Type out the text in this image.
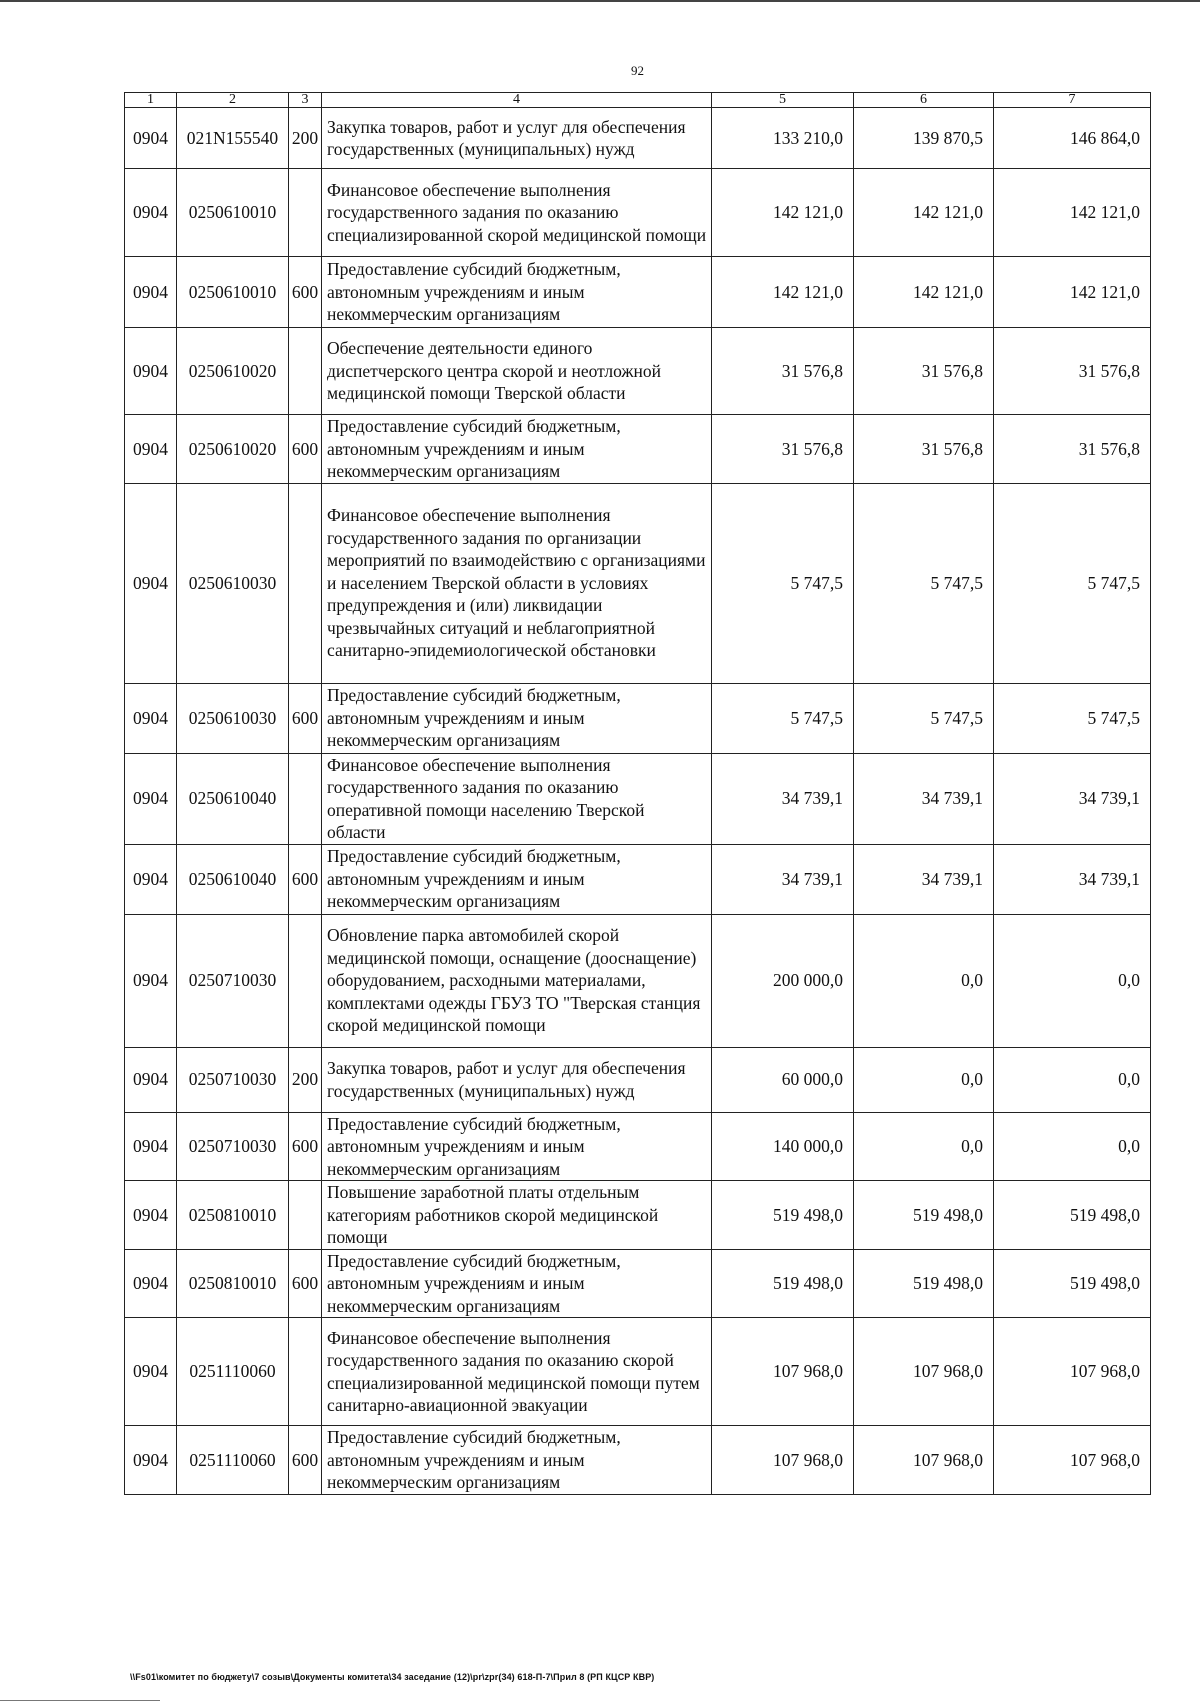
92
1	2	3	4	5	6	7
0904	021N155540	200	Закупка товаров, работ и услуг для обеспечения государственных (муниципальных) нужд	133 210,0	139 870,5	146 864,0
0904	0250610010		Финансовое обеспечение выполнения государственного задания по оказанию специализированной скорой медицинской помощи	142 121,0	142 121,0	142 121,0
0904	0250610010	600	Предоставление субсидий бюджетным, автономным учреждениям и иным некоммерческим организациям	142 121,0	142 121,0	142 121,0
0904	0250610020		Обеспечение деятельности единого диспетчерского центра скорой и неотложной медицинской помощи Тверской области	31 576,8	31 576,8	31 576,8
0904	0250610020	600	Предоставление субсидий бюджетным, автономным учреждениям и иным некоммерческим организациям	31 576,8	31 576,8	31 576,8
0904	0250610030		Финансовое обеспечение выполнения государственного задания по организации мероприятий по взаимодействию с организациями и населением Тверской области в условиях предупреждения и (или) ликвидации чрезвычайных ситуаций и неблагоприятной санитарно-эпидемиологической обстановки	5 747,5	5 747,5	5 747,5
0904	0250610030	600	Предоставление субсидий бюджетным, автономным учреждениям и иным некоммерческим организациям	5 747,5	5 747,5	5 747,5
0904	0250610040		Финансовое обеспечение выполнения государственного задания по оказанию оперативной помощи населению Тверской области	34 739,1	34 739,1	34 739,1
0904	0250610040	600	Предоставление субсидий бюджетным, автономным учреждениям и иным некоммерческим организациям	34 739,1	34 739,1	34 739,1
0904	0250710030		Обновление парка автомобилей скорой медицинской помощи, оснащение (дооснащение) оборудованием, расходными материалами, комплектами одежды ГБУЗ ТО "Тверская станция скорой медицинской помощи	200 000,0	0,0	0,0
0904	0250710030	200	Закупка товаров, работ и услуг для обеспечения государственных (муниципальных) нужд	60 000,0	0,0	0,0
0904	0250710030	600	Предоставление субсидий бюджетным, автономным учреждениям и иным некоммерческим организациям	140 000,0	0,0	0,0
0904	0250810010		Повышение заработной платы отдельным категориям работников скорой медицинской помощи	519 498,0	519 498,0	519 498,0
0904	0250810010	600	Предоставление субсидий бюджетным, автономным учреждениям и иным некоммерческим организациям	519 498,0	519 498,0	519 498,0
0904	0251110060		Финансовое обеспечение выполнения государственного задания по оказанию скорой специализированной медицинской помощи путем санитарно-авиационной эвакуации	107 968,0	107 968,0	107 968,0
0904	0251110060	600	Предоставление субсидий бюджетным, автономным учреждениям и иным некоммерческим организациям	107 968,0	107 968,0	107 968,0
\\Fs01\комитет по бюджету\7 созыв\Документы комитета\34 заседание (12)\pr\zpr(34) 618-П-7\Прил 8 (РП КЦСР КВР)
